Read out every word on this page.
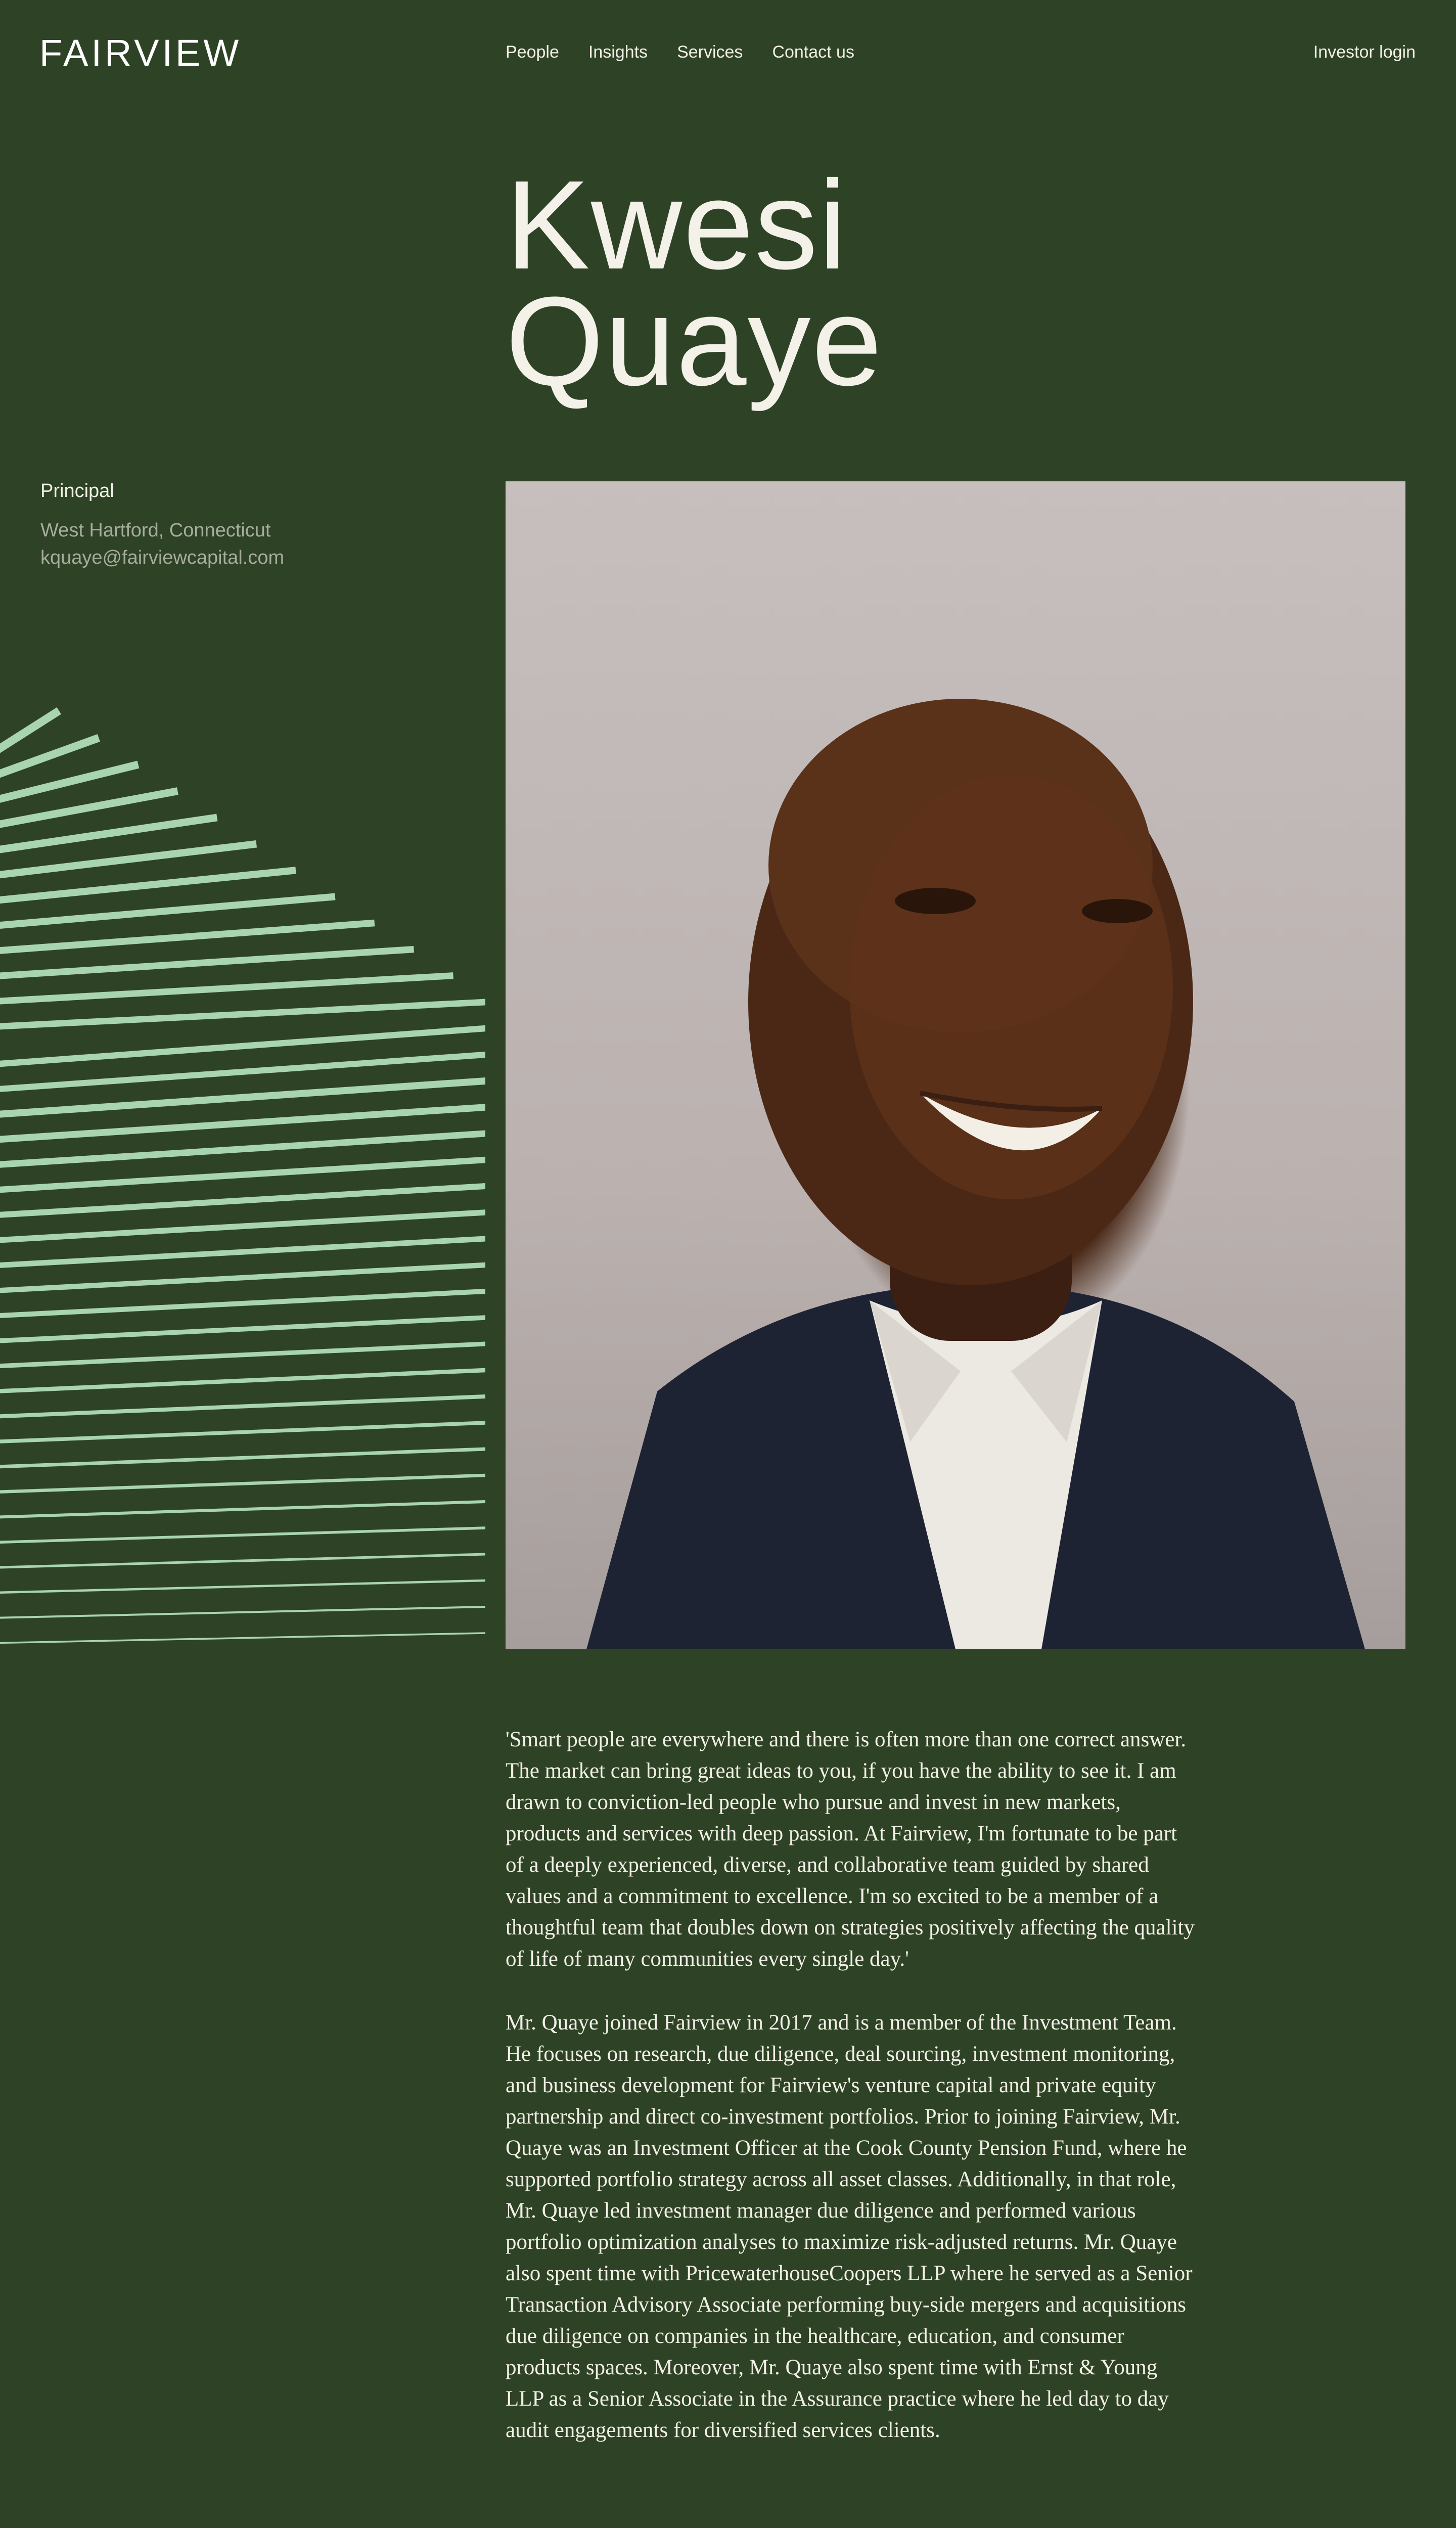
FAIRVIEW	People Insights Services Contact us	Investor login
Kwesi
Quaye
Principal
West Hartford, Connecticut
kquaye@fairviewcapital.com

'Smart people are everywhere and there is often more than one correct answer. The market can bring great ideas to you, if you have the ability to see it. I am drawn to conviction-led people who pursue and invest in new markets, products and services with deep passion. At Fairview, I'm fortunate to be part of a deeply experienced, diverse, and collaborative team guided by shared values and a commitment to excellence. I'm so excited to be a member of a thoughtful team that doubles down on strategies positively affecting the quality of life of many communities every single day.'

Mr. Quaye joined Fairview in 2017 and is a member of the Investment Team. He focuses on research, due diligence, deal sourcing, investment monitoring, and business development for Fairview's venture capital and private equity partnership and direct co-investment portfolios. Prior to joining Fairview, Mr. Quaye was an Investment Officer at the Cook County Pension Fund, where he supported portfolio strategy across all asset classes. Additionally, in that role, Mr. Quaye led investment manager due diligence and performed various portfolio optimization analyses to maximize risk-adjusted returns. Mr. Quaye also spent time with PricewaterhouseCoopers LLP where he served as a Senior Transaction Advisory Associate performing buy-side mergers and acquisitions due diligence on companies in the healthcare, education, and consumer products spaces. Moreover, Mr. Quaye also spent time with Ernst & Young LLP as a Senior Associate in the Assurance practice where he led day to day audit engagements for diversified services clients.
